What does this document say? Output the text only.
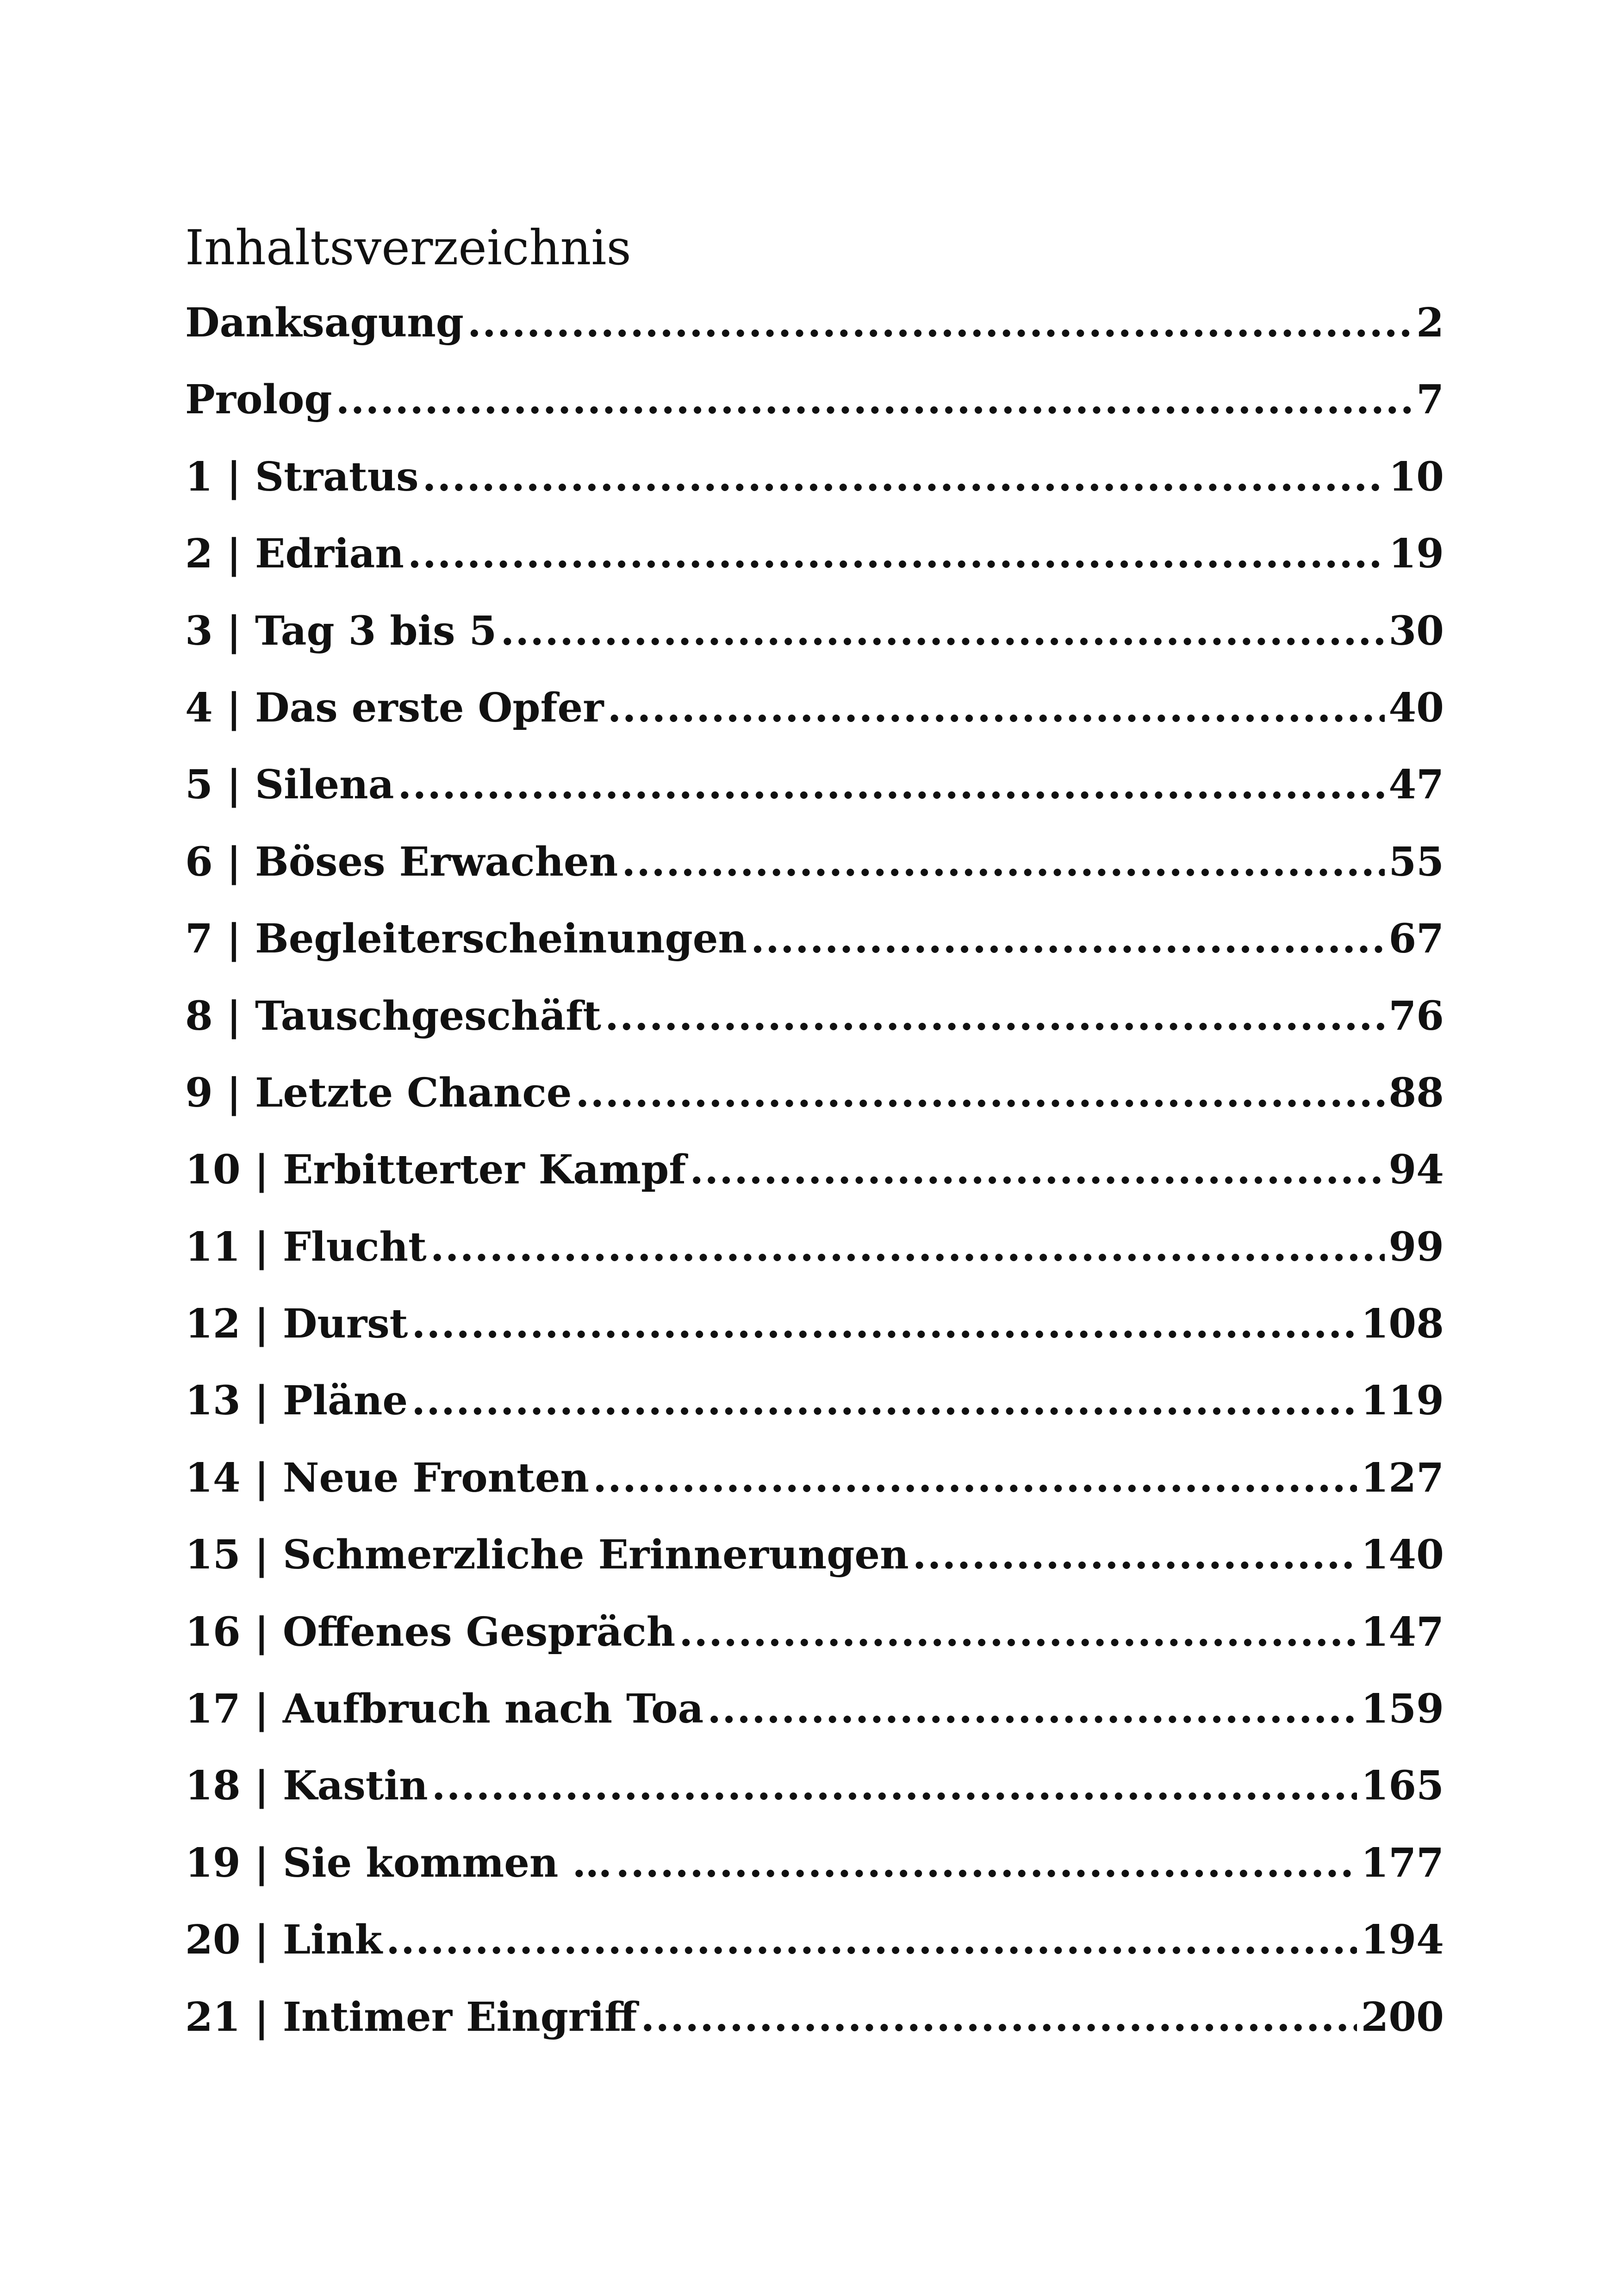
Inhaltsverzeichnis
Danksagung .....	2
Prolog .....	7
1 | Stratus .....	10
2 | Edrian .....	19
3 | Tag 3 bis 5 .....	30
4 | Das erste Opfer .....	40
5 | Silena .....	47
6 | Böses Erwachen .....	55
7 | Begleiterscheinungen .....	67
8 | Tauschgeschäft .....	76
9 | Letzte Chance .....	88
10 | Erbitterter Kampf .....	94
11 | Flucht .....	99
12 | Durst .....	108
13 | Pläne .....	119
14 | Neue Fronten .....	127
15 | Schmerzliche Erinnerungen .....	140
16 | Offenes Gespräch .....	147
17 | Aufbruch nach Toa .....	159
18 | Kastin .....	165
19 | Sie kommen … .....	177
20 | Link .....	194
21 | Intimer Eingriff .....	200
